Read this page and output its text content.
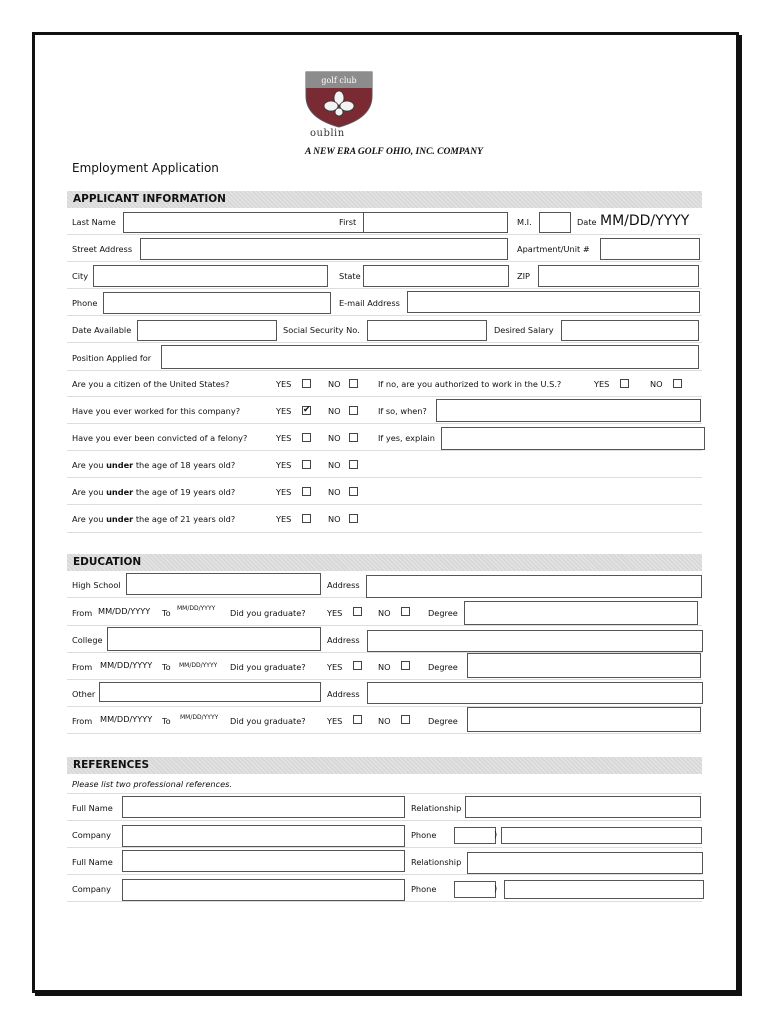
golf club
oublin
A NEW ERA GOLF OHIO, INC. COMPANY
Employment Application
APPLICANT INFORMATION
Last Name	First	M.I.	Date MM/DD/YYYY
Street Address	Apartment/Unit #
City	State	ZIP
Phone	E-mail Address
Date Available	Social Security No.	Desired Salary
Position Applied for
Are you a citizen of the United States?	YES	NO	If no, are you authorized to work in the U.S.?	YES	NO
Have you ever worked for this company?	YES ✔ NO	If so, when?
Have you ever been convicted of a felony?	YES	NO	If yes, explain
Are you under the age of 18 years old?	YES	NO
Are you under the age of 19 years old?	YES	NO
Are you under the age of 21 years old?	YES	NO
EDUCATION
High School	Address
From MM/DD/YYYY To MM/DD/YYYY Did you graduate?	YES	NO	Degree
College	Address
From MM/DD/YYYY To MM/DD/YYYY Did you graduate?	YES	NO	Degree
Other	Address
From MM/DD/YYYY To MM/DD/YYYY Did you graduate?	YES	NO	Degree
REFERENCES
Please list two professional references.
Full Name	Relationship
Company	Phone	)
Full Name	Relationship
Company	Phone	)
